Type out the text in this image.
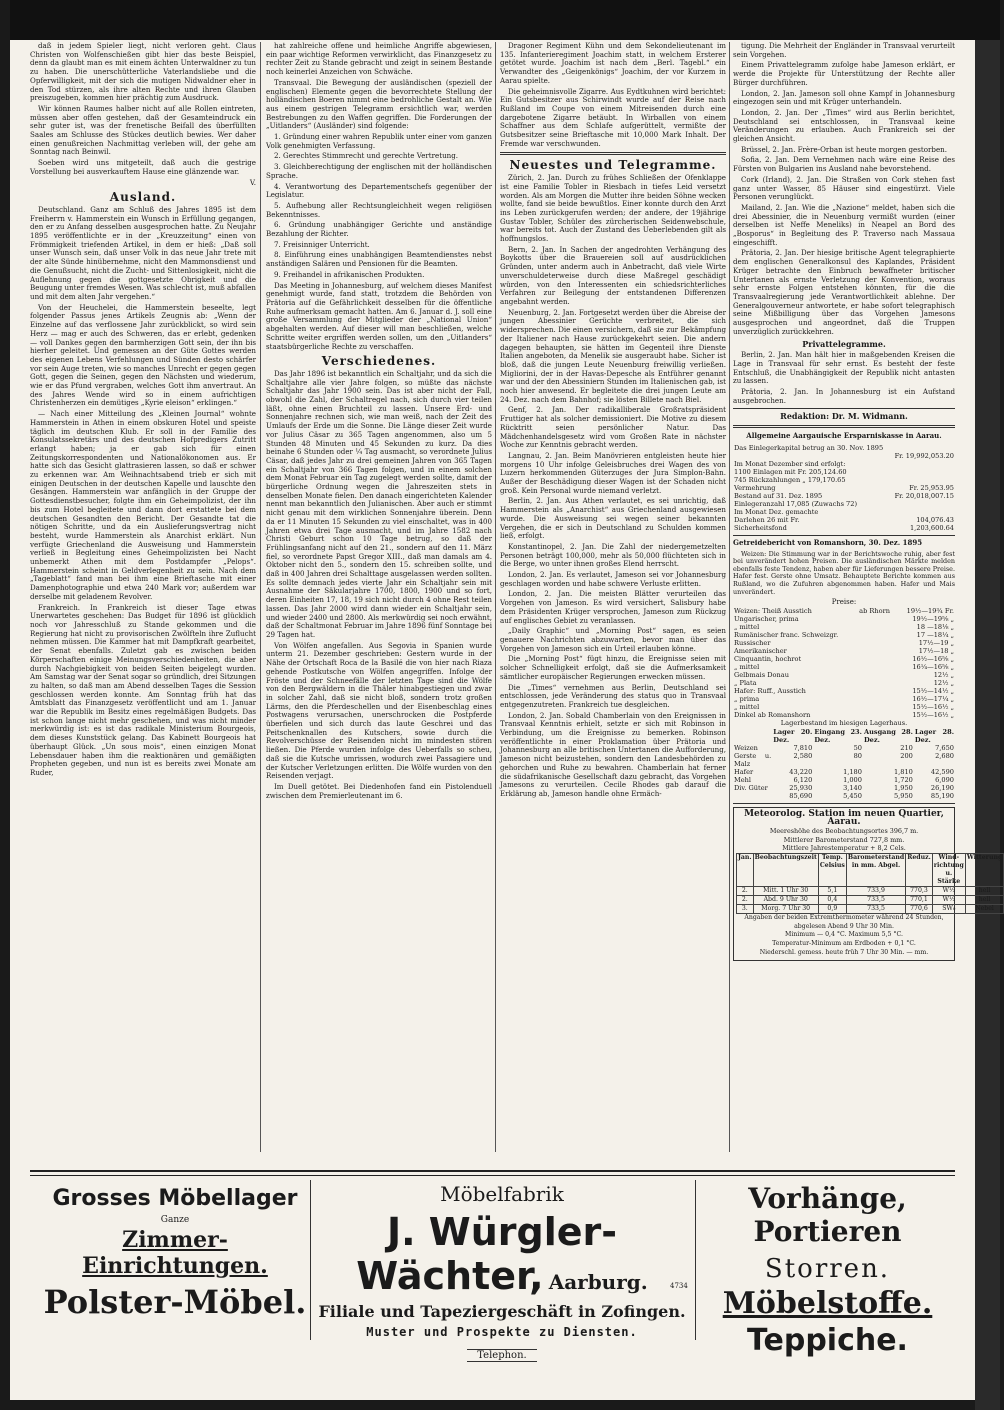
daß in jedem Spieler liegt, nicht verloren geht. Claus Christen von Wolfenschießen gibt hier das beste Beispiel, denn da glaubt man es mit einem ächten Unterwaldner zu tun zu haben. Die unerschütterliche Vaterlandsliebe und die Opferwilligkeit, mit der sich die mutigen Nidwaldner eher in den Tod stürzen, als ihre alten Rechte und ihren Glauben preiszugeben, kommen hier prächtig zum Ausdruck.

Wir können Raumes halber nicht auf alle Rollen eintreten, müssen aber offen gestehen, daß der Gesamteindruck ein sehr guter ist, was der frenetische Beifall des überfüllten Saales am Schlusse des Stückes deutlich bewies. Wer daher einen genußreichen Nachmittag verleben will, der gehe am Sonntag nach Beinwil.

Soeben wird uns mitgeteilt, daß auch die gestrige Vorstellung bei ausverkauftem Hause eine glänzende war.

V.
Ausland.

Deutschland. Ganz am Schluß des Jahres 1895 ist dem Freiherrn v. Hammerstein ein Wunsch in Erfüllung gegangen, den er zu Anfang desselben ausgesprochen hatte. Zu Neujahr 1895 veröffentlichte er in der „Kreuzzeitung“ einen von Frömmigkeit triefenden Artikel, in dem er hieß: „Daß soll unser Wunsch sein, daß unser Volk in das neue Jahr trete mit der alte Sünde hinübernehme, nicht den Mammonsdienst und die Genußsucht, nicht die Zucht- und Sittenlosigkeit, nicht die Auflehnung gegen die gottgesetzte Obrigkeit und die Beugung unter fremdes Wesen. Was schlecht ist, muß abfallen und mit dem alten Jahr vergehen.“

Von der Heuchelei, die Hammerstein beseelte, legt folgender Passus jenes Artikels Zeugnis ab: „Wenn der Einzelne auf das verflossene Jahr zurückblickt, so wird sein Herz — mag er auch des Schweren, das er erlebt, gedenken — voll Dankes gegen den barmherzigen Gott sein, der ihn bis hierher geleitet. Und gemessen an der Güte Gottes werden des eigenen Lebens Verfehlungen und Sünden desto schärfer vor sein Auge treten, wie so manches Unrecht er gegen gegen Gott, gegen die Seinen, gegen den Nächsten und wiederum, wie er das Pfund vergraben, welches Gott ihm anvertraut. An des Jahres Wende wird so in einem aufrichtigen Christenherzen ein demütiges „Kyrie eleison“ erklingen.“

— Nach einer Mitteilung des „Kleinen Journal“ wohnte Hammerstein in Athen in einem obskuren Hotel und speiste täglich im deutschen Klub. Er soll in der Familie des Konsulatssekretärs und des deutschen Hofpredigers Zutritt erlangt haben; ja er gab sich für einen Zeitungskorrespondenten und Nationalökonomen aus. Er hatte sich das Gesicht glattrasieren lassen, so daß er schwer zu erkennen war. Am Weihnachtsabend trieb er sich mit einigen Deutschen in der deutschen Kapelle und lauschte den Gesängen. Hammerstein war anfänglich in der Gruppe der Gottesdienstbesucher, folgte ihm ein Geheimpolizist, der ihn bis zum Hotel begleitete und dann dort erstattete bei dem deutschen Gesandten den Bericht. Der Gesandte tat die nötigen Schritte, und da ein Auslieferungsvertrag nicht besteht, wurde Hammerstein als Anarchist erklärt. Nun verfügte Griechenland die Ausweisung und Hammerstein verließ in Begleitung eines Geheimpolizisten bei Nacht unbemerkt Athen mit dem Postdampfer „Pelops“. Hammerstein scheint in Geldverlegenheit zu sein. Nach dem „Tageblatt“ fand man bei ihm eine Brieftasche mit einer Damenphotographie und etwa 240 Mark vor; außerdem war derselbe mit geladenem Revolver.

Frankreich. In Frankreich ist dieser Tage etwas Unerwartetes geschehen: Das Budget für 1896 ist glücklich noch vor Jahresschluß zu Stande gekommen und die Regierung hat nicht zu provisorischen Zwölfteln ihre Zuflucht nehmen müssen. Die Kammer hat mit Dampfkraft gearbeitet, der Senat ebenfalls. Zuletzt gab es zwischen beiden Körperschaften einige Meinungsverschiedenheiten, die aber durch Nachgiebigkeit von beiden Seiten beigelegt wurden. Am Samstag war der Senat sogar so gründlich, drei Sitzungen zu halten, so daß man am Abend desselben Tages die Session geschlossen werden konnte. Am Sonntag früh hat das Amtsblatt das Finanzgesetz veröffentlicht und am 1. Januar war die Republik im Besitz eines regelmäßigen Budgets. Das ist schon lange nicht mehr geschehen, und was nicht minder merkwürdig ist: es ist das radikale Ministerium Bourgeois, dem dieses Kunststück gelang. Das Kabinett Bourgeois hat überhaupt Glück. „Un sous mois“, einen einzigen Monat Lebensdauer haben ihm die reaktionären und gemäßigten Propheten gegeben, und nun ist es bereits zwei Monate am Ruder,

hat zahlreiche offene und heimliche Angriffe abgewiesen, ein paar wichtige Reformen verwirklicht, das Finanzgesetz zu rechter Zeit zu Stande gebracht und zeigt in seinem Bestande noch keinerlei Anzeichen von Schwäche.

Transvaal. Die Bewegung der ausländischen (speziell der englischen) Elemente gegen die bevorrechtete Stellung der holländischen Boeren nimmt eine bedrohliche Gestalt an. Wie aus einem gestrigen Telegramm ersichtlich war, werden Bestrebungen zu den Waffen gegriffen. Die Forderungen der „Uitlanders“ (Ausländer) sind folgende:

1. Gründung einer wahren Republik unter einer vom ganzen Volk genehmigten Verfassung.

2. Gerechtes Stimmrecht und gerechte Vertretung.

3. Gleichberechtigung der englischen mit der holländischen Sprache.

4. Verantwortung des Departementschefs gegenüber der Legislatur.

5. Aufhebung aller Rechtsungleichheit wegen religiösen Bekenntnisses.

6. Gründung unabhängiger Gerichte und anständige Bezahlung der Richter.

7. Freisinniger Unterricht.

8. Einführung eines unabhängigen Beamtendienstes nebst anständigen Salären und Pensionen für die Beamten.

9. Freihandel in afrikanischen Produkten.

Das Meeting in Johannesburg, auf welchem dieses Manifest genehmigt wurde, fand statt, trotzdem die Behörden von Prätoria auf die Gefährlichkeit desselben für die öffentliche Ruhe aufmerksam gemacht hatten. Am 6. Januar d. J. soll eine große Versammlung der Mitglieder der „National Union“ abgehalten werden. Auf dieser will man beschließen, welche Schritte weiter ergriffen werden sollen, um den „Uitlanders“ staatsbürgerliche Rechte zu verschaffen.

Verschiedenes.

Das Jahr 1896 ist bekanntlich ein Schaltjahr, und da sich die Schaltjahre alle vier Jahre folgen, so müßte das nächste Schaltjahr das Jahr 1900 sein. Das ist aber nicht der Fall, obwohl die Zahl, der Schaltregel nach, sich durch vier teilen läßt, ohne einen Bruchteil zu lassen. Unsere Erd- und Sonnenjahre rechnen sich, wie man weiß, nach der Zeit des Umlaufs der Erde um die Sonne. Die Länge dieser Zeit wurde vor Julius Cäsar zu 365 Tagen angenommen, also um 5 Stunden 48 Minuten und 45 Sekunden zu kurz. Da dies beinahe 6 Stunden oder ¼ Tag ausmacht, so verordnete Julius Cäsar, daß jedes Jahr zu drei gemeinen Jahren von 365 Tagen ein Schaltjahr von 366 Tagen folgen, und in einem solchen dem Monat Februar ein Tag zugelegt werden sollte, damit der bürgerliche Ordnung wegen die Jahreszeiten stets in denselben Monate fielen. Den danach eingerichteten Kalender nennt man bekanntlich den Julianischen. Aber auch er stimmt nicht genau mit dem wirklichen Sonnenjahre überein. Denn da er 11 Minuten 15 Sekunden zu viel einschaltet, was in 400 Jahren etwa drei Tage ausmacht, und im Jahre 1582 nach Christi Geburt schon 10 Tage betrug, so daß der Frühlingsanfang nicht auf den 21., sondern auf den 11. März fiel, so verordnete Papst Gregor XIII., daß man damals am 4. Oktober nicht den 5., sondern den 15. schreiben sollte, und daß in 400 Jahren drei Schalttage ausgelassen werden sollten. Es sollte demnach jedes vierte Jahr ein Schaltjahr sein mit Ausnahme der Säkularjahre 1700, 1800, 1900 und so fort, deren Einheiten 17, 18, 19 sich nicht durch 4 ohne Rest teilen lassen. Das Jahr 2000 wird dann wieder ein Schaltjahr sein, und wieder 2400 und 2800. Als merkwürdig sei noch erwähnt, daß der Schaltmonat Februar im Jahre 1896 fünf Sonntage bei 29 Tagen hat.

Von Wölfen angefallen. Aus Segovia in Spanien wurde unterm 21. Dezember geschrieben: Gestern wurde in der Nähe der Ortschaft Roca de la Basilé die von hier nach Riaza gehende Postkutsche von Wölfen angegriffen. Infolge der Fröste und der Schneefälle der letzten Tage sind die Wölfe von den Bergwäldern in die Thäler hinabgestiegen und zwar in solcher Zahl, daß sie nicht bloß, sondern trotz großen Lärms, den die Pferdeschellen und der Eisenbeschlag eines Postwagens verursachen, unerschrocken die Postpferde überfielen und sich durch das laute Geschrei und das Peitschenknallen des Kutschers, sowie durch die Revolverschüsse der Reisenden nicht im mindesten stören ließen. Die Pferde wurden infolge des Ueberfalls so scheu, daß sie die Kutsche umrissen, wodurch zwei Passagiere und der Kutscher Verletzungen erlitten. Die Wölfe wurden von den Reisenden verjagt.

Im Duell getötet. Bei Diedenhofen fand ein Pistolenduell zwischen dem Premierleutenant im 6.

Dragoner Regiment Kühn und dem Sekondelieutenant im 135. Infanterieregiment Joachim statt, in welchem Ersterer getötet wurde. Joachim ist nach dem „Berl. Tagebl.“ ein Verwandter des „Geigenkönigs“ Joachim, der vor Kurzem in Aarau spielte.

Die geheimnisvolle Zigarre. Aus Eydtkuhnen wird berichtet: Ein Gutsbesitzer aus Schirwindt wurde auf der Reise nach Rußland im Coupe von einem Mitreisenden durch eine dargebotene Zigarre betäubt. In Wirballen von einem Schaffner aus dem Schlafe aufgerüttelt, vermißte der Gutsbesitzer seine Brieftasche mit 10,000 Mark Inhalt. Der Fremde war verschwunden.

Neuestes und Telegramme.

Zürich, 2. Jan. Durch zu frühes Schließen der Ofenklappe ist eine Familie Tobler in Riesbach in tiefes Leid versetzt worden. Als am Morgen die Mutter ihre beiden Söhne wecken wollte, fand sie beide bewußtlos. Einer konnte durch den Arzt ins Leben zurückgerufen werden; der andere, der 19jährige Gustav Tobler, Schüler des zürcherischen Seidenwebschule, war bereits tot. Auch der Zustand des Ueberlebenden gilt als hoffnungslos.

Bern, 2. Jan. In Sachen der angedrohten Verhängung des Boykotts über die Brauereien soll auf ausdrücklichen Gründen, unter anderm auch in Anbetracht, daß viele Wirte unverschuldeterweise durch diese Maßregel geschädigt würden, von den Interessenten ein schiedsrichterliches Verfahren zur Beilegung der entstandenen Differenzen angebahnt werden.

Neuenburg, 2. Jan. Fortgesetzt werden über die Abreise der jungen Abessinier Gerüchte verbreitet, die sich widersprechen. Die einen versichern, daß sie zur Bekämpfung der Italiener nach Hause zurückgekehrt seien. Die andern dagegen behaupten, sie hätten im Gegenteil ihre Dienste Italien angeboten, da Menelik sie ausgeraubt habe. Sicher ist bloß, daß die jungen Leute Neuenburg freiwillig verließen. Migliorini, der in der Havas-Depesche als Entführer genannt war und der den Abessiniern Stunden im Italienischen gab, ist noch hier anwesend. Er begleitete die drei jungen Leute am 24. Dez. nach dem Bahnhof; sie lösten Billete nach Biel.

Genf, 2. Jan. Der radikalliberale Großratspräsident Fruttiger hat als solcher demissioniert. Die Motive zu diesem Rücktritt seien persönlicher Natur. Das Mädchenhandelsgesetz wird vom Großen Rate in nächster Woche zur Kenntnis gebracht werden.

Langnau, 2. Jan. Beim Manövrieren entgleisten heute hier morgens 10 Uhr infolge Geleisbruches drei Wagen des von Luzern herkommenden Güterzuges der Jura Simplon-Bahn. Außer der Beschädigung dieser Wagen ist der Schaden nicht groß. Kein Personal wurde niemand verletzt.

Berlin, 2. Jan. Aus Athen verlautet, es sei unrichtig, daß Hammerstein als „Anarchist“ aus Griechenland ausgewiesen wurde. Die Ausweisung sei wegen seiner bekannten Vergehen, die er sich in Deutschland zu Schulden kommen ließ, erfolgt.

Konstantinopel, 2. Jan. Die Zahl der niedergemetzelten Personen beträgt 100,000, mehr als 50,000 flüchteten sich in die Berge, wo unter ihnen großes Elend herrscht.

London, 2. Jan. Es verlautet, Jameson sei vor Johannesburg geschlagen worden und habe schwere Verluste erlitten.

London, 2. Jan. Die meisten Blätter verurteilen das Vorgehen von Jameson. Es wird versichert, Salisbury habe dem Präsidenten Krüger versprochen, Jameson zum Rückzug auf englisches Gebiet zu veranlassen.

„Daily Graphic“ und „Morning Post“ sagen, es seien genauere Nachrichten abzuwarten, bevor man über das Vorgehen von Jameson sich ein Urteil erlauben könne.

Die „Morning Post“ fügt hinzu, die Ereignisse seien mit solcher Schnelligkeit erfolgt, daß sie die Aufmerksamkeit sämtlicher europäischer Regierungen erwecken müssen.

Die „Times“ vernehmen aus Berlin, Deutschland sei entschlossen, jede Veränderung des status quo in Transvaal entgegenzutreten. Frankreich tue desgleichen.

London, 2. Jan. Sobald Chamberlain von den Ereignissen in Transvaal Kenntnis erhielt, setzte er sich mit Robinson in Verbindung, um die Ereignisse zu bemerken. Robinson veröffentlichte in einer Proklamation über Prätoria und Johannesburg an alle britischen Untertanen die Aufforderung, Jameson nicht beizustehen, sondern den Landesbehörden zu gehorchen und Ruhe zu bewahren. Chamberlain hat ferner die südafrikanische Gesellschaft dazu gebracht, das Vorgehen Jamesons zu verurteilen. Cecile Rhodes gab darauf die Erklärung ab, Jameson handle ohne Ermäch-

tigung. Die Mehrheit der Engländer in Transvaal verurteilt sein Vorgehen.

Einem Privattelegramm zufolge habe Jameson erklärt, er werde die Projekte für Unterstützung der Rechte aller Bürger durchführen.

London, 2. Jan. Jameson soll ohne Kampf in Johannesburg eingezogen sein und mit Krüger unterhandeln.

London, 2. Jan. Der „Times“ wird aus Berlin berichtet, Deutschland sei entschlossen, in Transvaal keine Veränderungen zu erlauben. Auch Frankreich sei der gleichen Ansicht.

Brüssel, 2. Jan. Frère-Orban ist heute morgen gestorben.

Sofia, 2. Jan. Dem Vernehmen nach wäre eine Reise des Fürsten von Bulgarien ins Ausland nahe bevorstehend.

Cork (Irland), 2. Jan. Die Straßen von Cork stehen fast ganz unter Wasser, 85 Häuser sind eingestürzt. Viele Personen verunglückt.

Mailand, 2. Jan. Wie die „Nazione“ meldet, haben sich die drei Abessinier, die in Neuenburg vermißt wurden (einer derselben ist Neffe Meneliks) in Neapel an Bord des „Bosporus“ in Begleitung des P. Traverso nach Massaua eingeschifft.

Prätoria, 2. Jan. Der hiesige britische Agent telegraphierte dem englischen Generalkonsul des Kaplandes, Präsident Krüger betrachte den Einbruch bewaffneter britischer Untertanen als ernste Verletzung der Konvention, woraus sehr ernste Folgen entstehen könnten, für die die Transvaalregierung jede Verantwortlichkeit ablehne. Der Generalgouverneur antwortete, er habe sofort telegraphisch seine Mißbilligung über das Vorgehen Jamesons ausgesprochen und angeordnet, daß die Truppen unverzüglich zurückkehren.

Privattelegramme.

Berlin, 2. Jan. Man hält hier in maßgebenden Kreisen die Lage in Transvaal für sehr ernst. Es besteht der feste Entschluß, die Unabhängigkeit der Republik nicht antasten zu lassen.

Prätoria, 2. Jan. In Johannesburg ist ein Aufstand ausgebrochen.

Redaktion: Dr. M. Widmann.
Allgemeine Aargauische Ersparniskasse in Aarau.
Das Einlegerkapital betrug an 30. Nov. 1895	
	Fr. 19,992,053.20
Im Monat Dezember sind erfolgt:	
1100 Einlagen mit Fr. 205,124.60	
745 Rückzahlungen „ 179,170.65	
Vermehrung	Fr. 25,953.95
Bestand auf 31. Dez. 1895	Fr. 20,018,007.15
Einlegeranzahl 17,085 (Zuwachs 72)	
Im Monat Dez. gemachte	
Darlehen 26 mit Fr.	104,076.43
Sicherheitsfond	1,203,600.64
Getreidebericht von Romanshorn, 30. Dez. 1895

Weizen: Die Stimmung war in der Berichtswoche ruhig, aber fest bei unverändert hohen Preisen. Die ausländischen Märkte melden ebenfalls feste Tendenz, haben aber für Lieferungen bessere Preise. Hafer fest. Gerste ohne Umsatz. Behauptete Berichte kommen aus Rußland, wo die Zufuhren abgenommen haben. Hafer und Mais unverändert.

Preise:
Weizen: Theiß Ausstich	ab Rhorn	19½—19¾ Fr.
Ungarischer, prima		19½—19⅝ „
„ mittel		18 —18⅛ „
Rumänischer franc. Schweizgr.		17 —18¼ „
Russischer		17½—19 „
Amerikanischer		17½—18 „
Cinquantin, hochrot		16½—16⅝ „
„ mittel		16¼—16⅝ „
Gelbmais Donau		12½ „
„ Plata		12½ „
Hafer: Ruff., Ausstich		15½—14½ „
„ prima		16½—17¼ „
„ mittel		15½—16½ „
Dinkel ab Romanshorn		15½—16½ „
Lagerbestand im hiesigen Lagerhaus.
	Lager 20. Dez.	Eingang 23. Dez.	Ausgang 28. Dez.	Lager 28. Dez.
Weizen	7,810	50	210	7,650
Gerste u. Malz	2,580	80	200	2,680
Hafer	43,220	1,180	1,810	42,590
Mehl	6,120	1,000	1,720	6,090
Div. Güter	25,930	3,140	1,950	26,190
	85,690	5,450	5,950	85,190
Meteorolog. Station im neuen Quartier, Aarau.
Meereshöhe des Beobachtungsortes 396,7 m.
Mittlerer Barometerstand 727,8 mm.
Mittlere Jahrestemperatur + 8,2 Cels.
Jan.	Beobachtungszeit	Temp. Celsius	Barometerstand in mm. Abgel.	Reduz.	Wind-richtung u. Stärke	Witterung
2.	Mitt. 1 Uhr 30	5,1	733,9	770,3	W½	hell
2.	Abd. 9 Uhr 30	0,4	733,5	770,1	W½	hell
3.	Morg. 7 Uhr 30	0,9	733,5	770,6	SW₀	Nebel
Angaben der beiden Extremthermometer während 24 Stunden, abgelesen Abend 9 Uhr 30 Min.
Minimum — 0,4 °C. Maximum 5,5 °C.
Temperatur-Minimum am Erdboden + 0,1 °C.
Niederschl. gemess. heute früh 7 Uhr 30 Min. — mm.
Grosses Möbellager
Ganze
Zimmer-Einrichtungen.
Polster-Möbel.
Möbelfabrik
J. Würgler-Wächter, Aarburg.
Filiale und Tapeziergeschäft in Zofingen.
Muster und Prospekte zu Diensten.
Telephon.
4734
Vorhänge, Portieren
Storren.
Möbelstoffe.
Teppiche.
